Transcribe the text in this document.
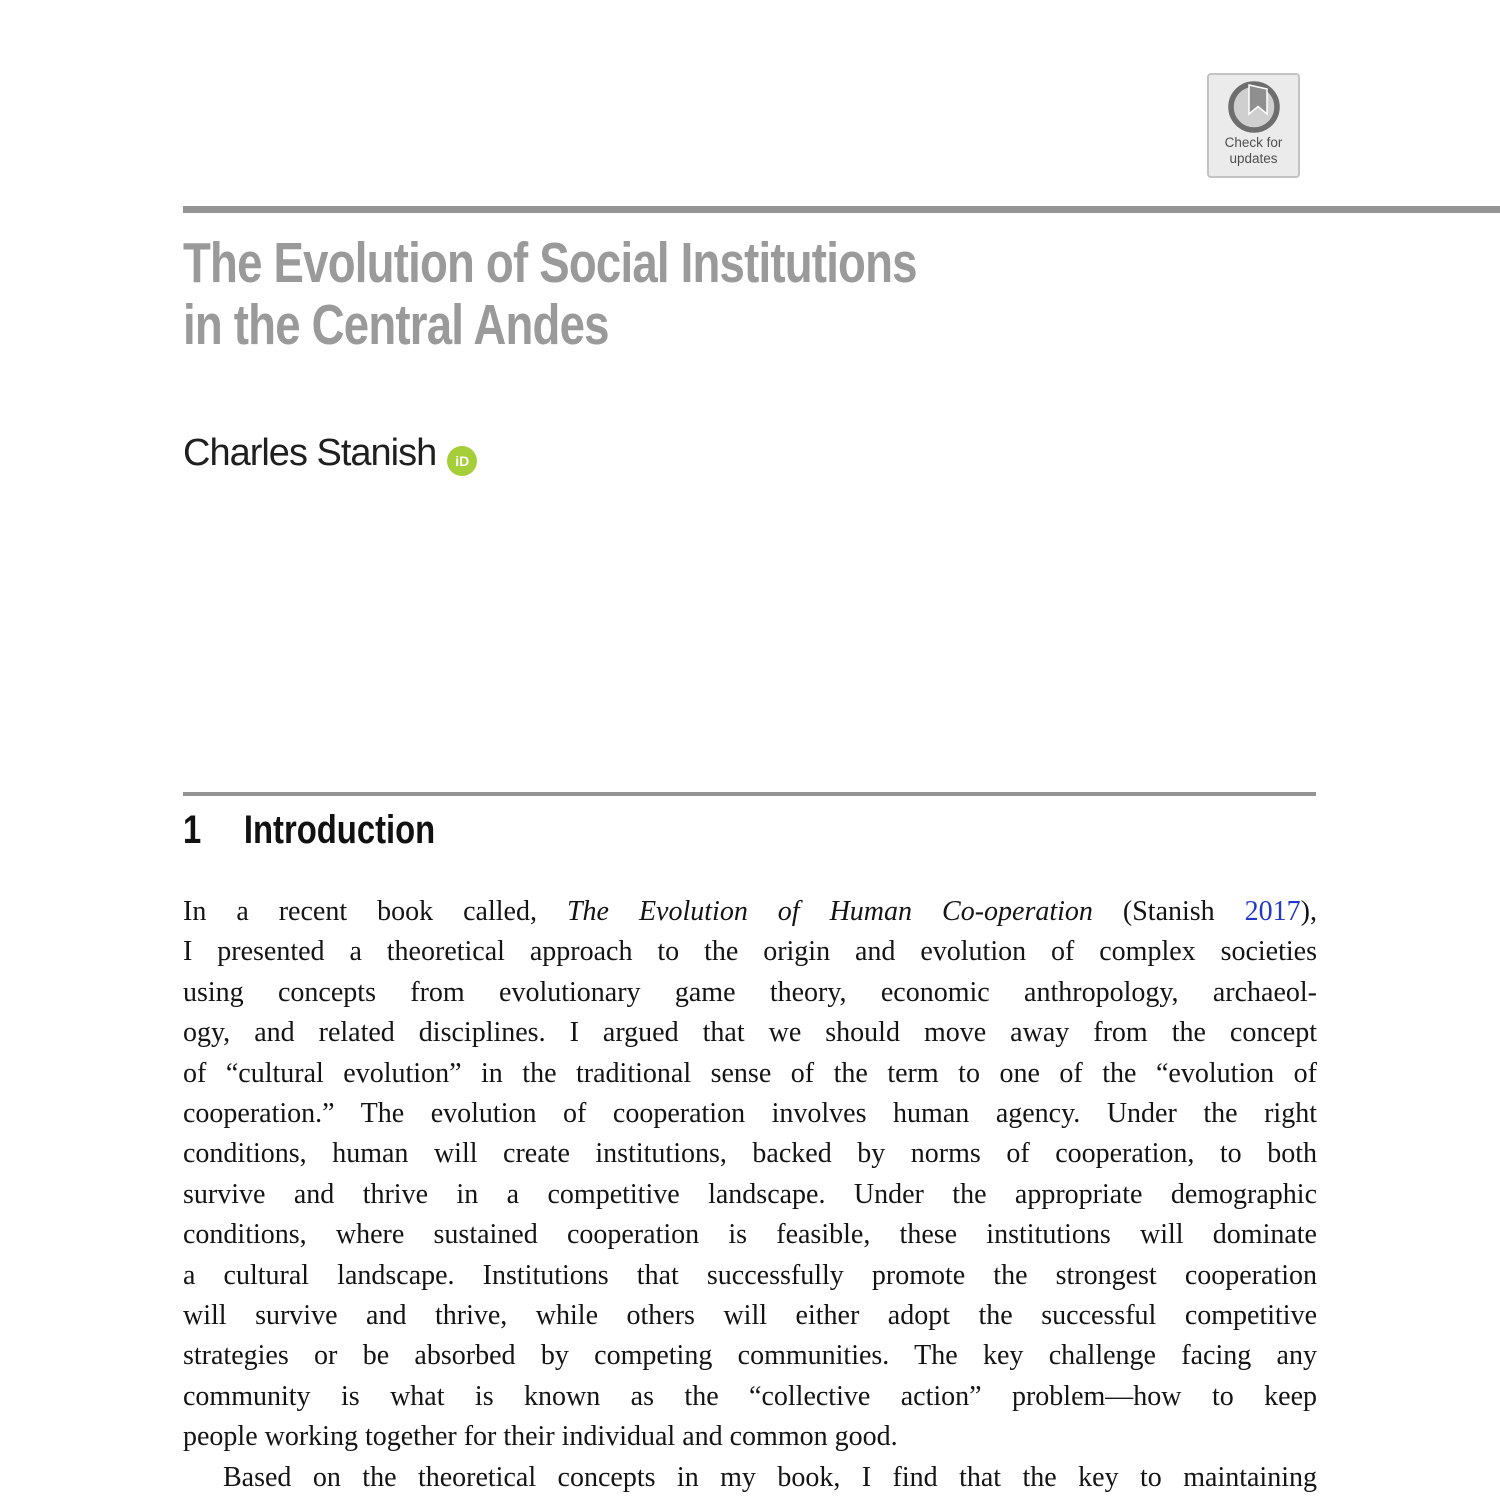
Check for
updates
The Evolution of Social Institutions
in the Central Andes
Charles Stanish	iD
1 Introduction
In a recent book called, The Evolution of Human Co-operation (Stanish 2017),
I presented a theoretical approach to the origin and evolution of complex societies
using concepts from evolutionary game theory, economic anthropology, archaeol-
ogy, and related disciplines. I argued that we should move away from the concept
of “cultural evolution” in the traditional sense of the term to one of the “evolution of
cooperation.” The evolution of cooperation involves human agency. Under the right
conditions, human will create institutions, backed by norms of cooperation, to both
survive and thrive in a competitive landscape. Under the appropriate demographic
conditions, where sustained cooperation is feasible, these institutions will dominate
a cultural landscape. Institutions that successfully promote the strongest cooperation
will survive and thrive, while others will either adopt the successful competitive
strategies or be absorbed by competing communities. The key challenge facing any
community is what is known as the “collective action” problem—how to keep
people working together for their individual and common good.
Based on the theoretical concepts in my book, I find that the key to maintaining
